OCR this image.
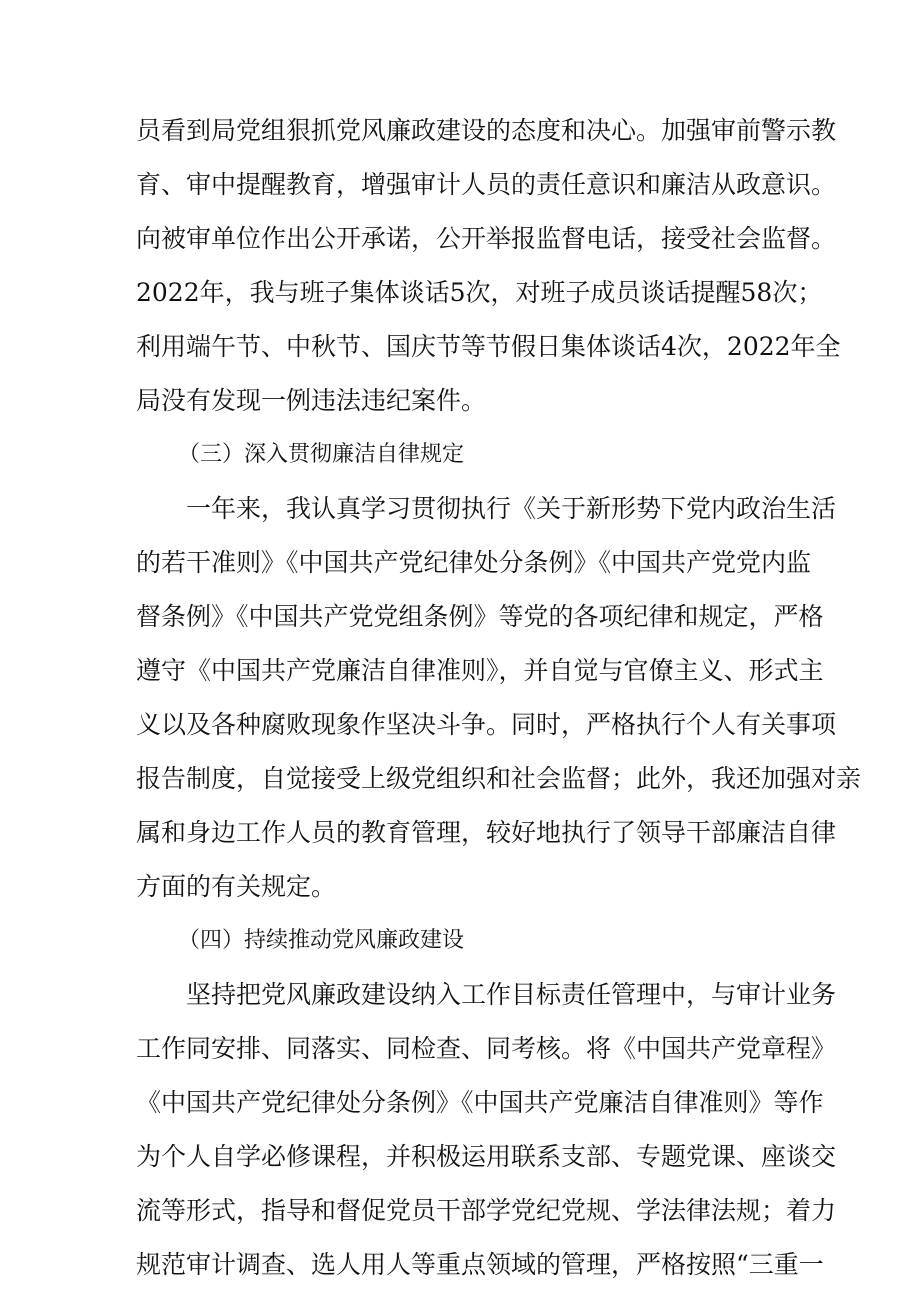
员看到局党组狠抓党风廉政建设的态度和决心。加强审前警示教
育、审中提醒教育，增强审计人员的责任意识和廉洁从政意识。
向被审单位作出公开承诺，公开举报监督电话，接受社会监督。
2022年，我与班子集体谈话5次，对班子成员谈话提醒58次；
利用端午节、中秋节、国庆节等节假日集体谈话4次，2022年全
局没有发现一例违法违纪案件。
（三）深入贯彻廉洁自律规定
一年来，我认真学习贯彻执行《关于新形势下党内政治生活
的若干准则》《中国共产党纪律处分条例》《中国共产党党内监
督条例》《中国共产党党组条例》等党的各项纪律和规定，严格
遵守《中国共产党廉洁自律准则》，并自觉与官僚主义、形式主
义以及各种腐败现象作坚决斗争。同时，严格执行个人有关事项
报告制度，自觉接受上级党组织和社会监督；此外，我还加强对亲
属和身边工作人员的教育管理，较好地执行了领导干部廉洁自律
方面的有关规定。
（四）持续推动党风廉政建设
坚持把党风廉政建设纳入工作目标责任管理中，与审计业务
工作同安排、同落实、同检查、同考核。将《中国共产党章程》
《中国共产党纪律处分条例》《中国共产党廉洁自律准则》等作
为个人自学必修课程，并积极运用联系支部、专题党课、座谈交
流等形式，指导和督促党员干部学党纪党规、学法律法规；着力
规范审计调查、选人用人等重点领域的管理，严格按照“三重一
